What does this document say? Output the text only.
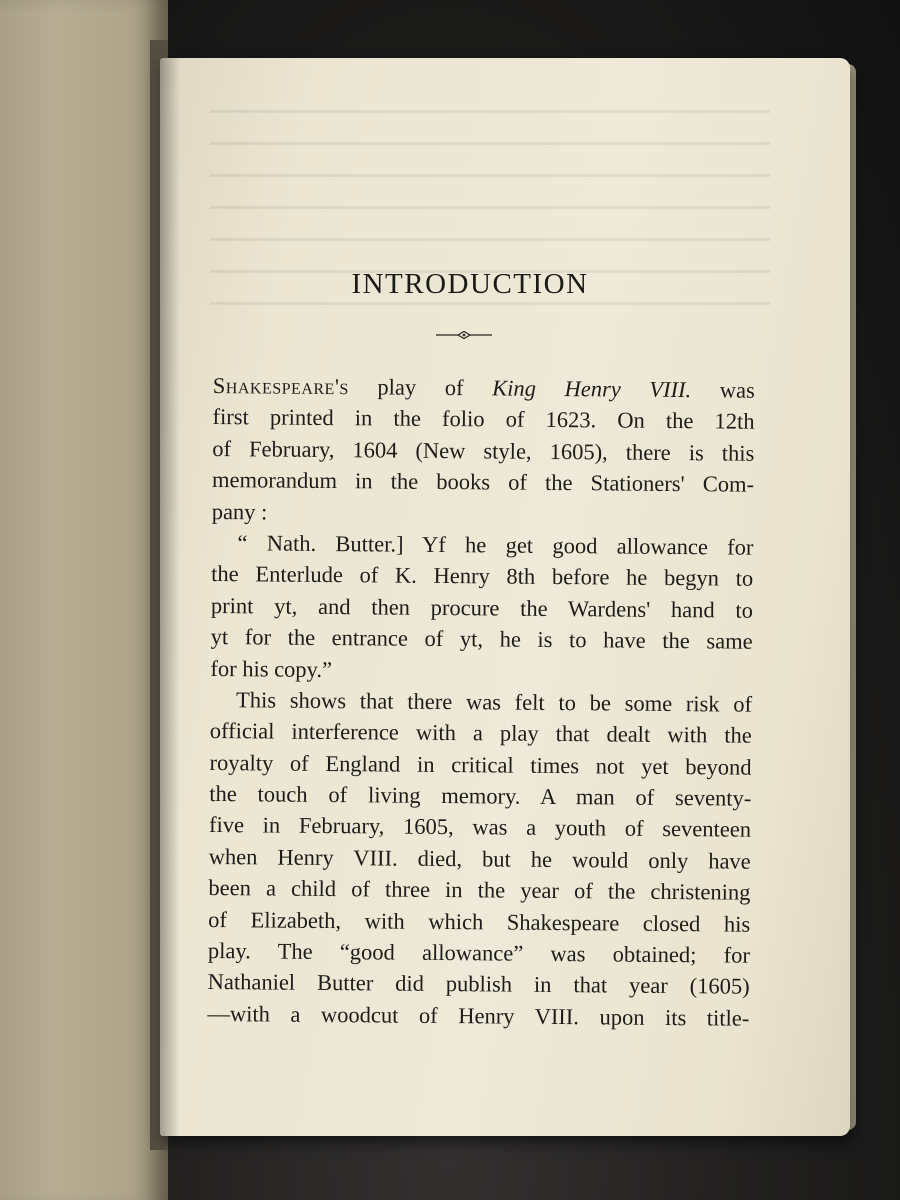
INTRODUCTION
Shakespeare's play of King Henry VIII. was
first printed in the folio of 1623. On the 12th
of February, 1604 (New style, 1605), there is this
memorandum in the books of the Stationers' Com-
pany :
“ Nath. Butter.] Yf he get good allowance for
the Enterlude of K. Henry 8th before he begyn to
print yt, and then procure the Wardens' hand to
yt for the entrance of yt, he is to have the same
for his copy.”
This shows that there was felt to be some risk of
official interference with a play that dealt with the
royalty of England in critical times not yet beyond
the touch of living memory. A man of seventy-
five in February, 1605, was a youth of seventeen
when Henry VIII. died, but he would only have
been a child of three in the year of the christening
of Elizabeth, with which Shakespeare closed his
play. The “good allowance” was obtained; for
Nathaniel Butter did publish in that year (1605)
—with a woodcut of Henry VIII. upon its title-
